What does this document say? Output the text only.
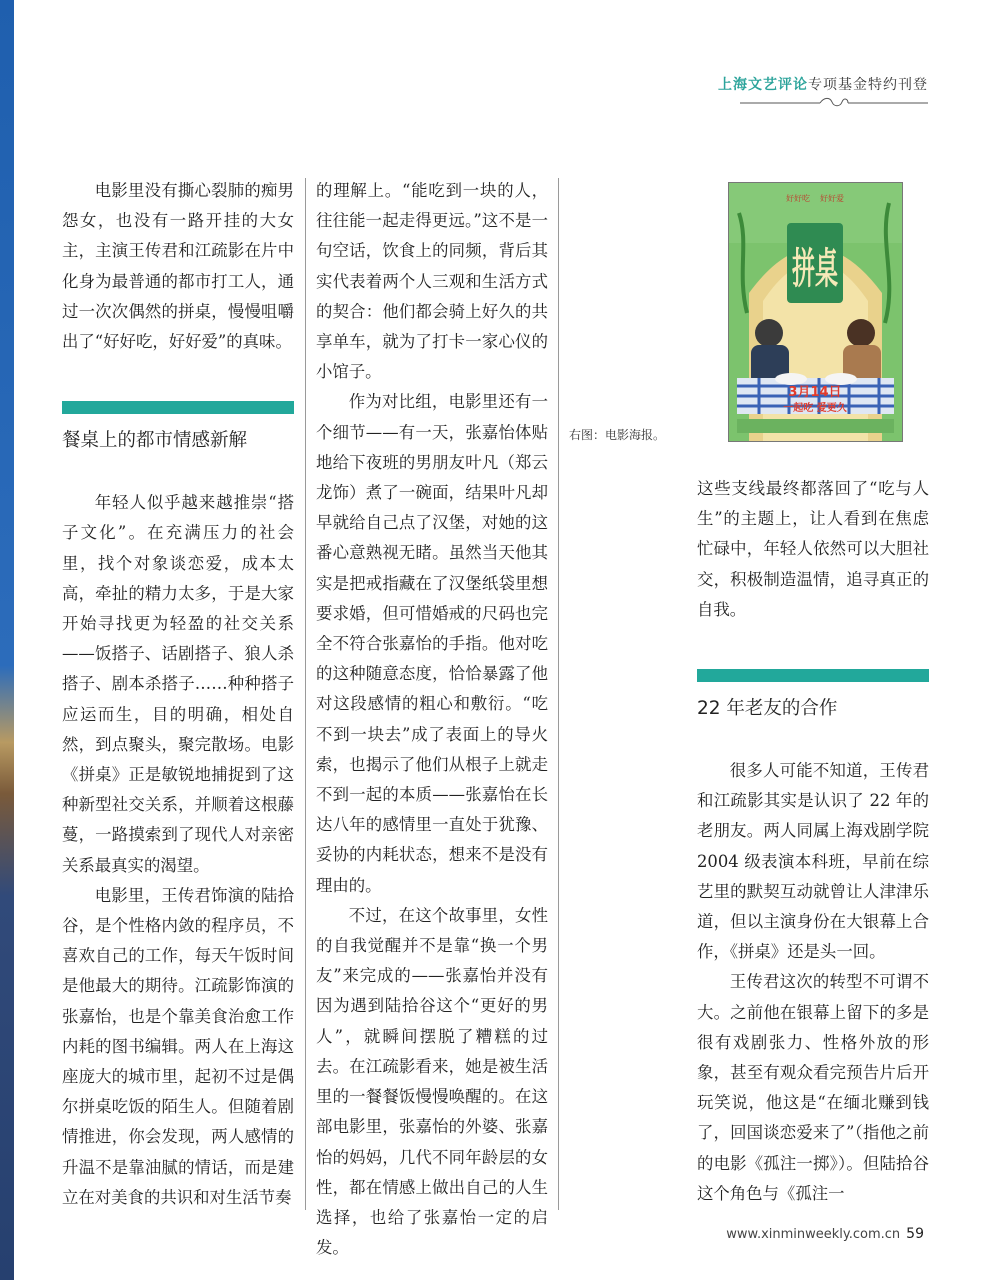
上海文艺评论专项基金特约刊登

电影里没有撕心裂肺的痴男怨女，也没有一路开挂的大女主，主演王传君和江疏影在片中化身为最普通的都市打工人，通过一次次偶然的拼桌，慢慢咀嚼出了“好好吃，好好爱”的真味。

餐桌上的都市情感新解

年轻人似乎越来越推崇“搭子文化”。在充满压力的社会里，找个对象谈恋爱，成本太高，牵扯的精力太多，于是大家开始寻找更为轻盈的社交关系——饭搭子、话剧搭子、狼人杀搭子、剧本杀搭子……种种搭子应运而生，目的明确，相处自然，到点聚头，聚完散场。电影《拼桌》正是敏锐地捕捉到了这种新型社交关系，并顺着这根藤蔓，一路摸索到了现代人对亲密关系最真实的渴望。

电影里，王传君饰演的陆拾谷，是个性格内敛的程序员，不喜欢自己的工作，每天午饭时间是他最大的期待。江疏影饰演的张嘉怡，也是个靠美食治愈工作内耗的图书编辑。两人在上海这座庞大的城市里，起初不过是偶尔拼桌吃饭的陌生人。但随着剧情推进，你会发现，两人感情的升温不是靠油腻的情话，而是建立在对美食的共识和对生活节奏

的理解上。“能吃到一块的人，往往能一起走得更远。”这不是一句空话，饮食上的同频，背后其实代表着两个人三观和生活方式的契合：他们都会骑上好久的共享单车，就为了打卡一家心仪的小馆子。

作为对比组，电影里还有一个细节——有一天，张嘉怡体贴地给下夜班的男朋友叶凡（郑云龙饰）煮了一碗面，结果叶凡却早就给自己点了汉堡，对她的这番心意熟视无睹。虽然当天他其实是把戒指藏在了汉堡纸袋里想要求婚，但可惜婚戒的尺码也完全不符合张嘉怡的手指。他对吃的这种随意态度，恰恰暴露了他对这段感情的粗心和敷衍。“吃不到一块去”成了表面上的导火索，也揭示了他们从根子上就走不到一起的本质——张嘉怡在长达八年的感情里一直处于犹豫、妥协的内耗状态，想来不是没有理由的。

不过，在这个故事里，女性的自我觉醒并不是靠“换一个男友”来完成的——张嘉怡并没有因为遇到陆拾谷这个“更好的男人”，就瞬间摆脱了糟糕的过去。在江疏影看来，她是被生活里的一餐餐饭慢慢唤醒的。在这部电影里，张嘉怡的外婆、张嘉怡的妈妈，几代不同年龄层的女性，都在情感上做出自己的人生选择，也给了张嘉怡一定的启发。

好好吃 好好爱
拼桌
3月14日
一起吃 爱更久
右图：电影海报。

这些支线最终都落回了“吃与人生”的主题上，让人看到在焦虑忙碌中，年轻人依然可以大胆社交，积极制造温情，追寻真正的自我。

22 年老友的合作

很多人可能不知道，王传君和江疏影其实是认识了 22 年的老朋友。两人同属上海戏剧学院 2004 级表演本科班，早前在综艺里的默契互动就曾让人津津乐道，但以主演身份在大银幕上合作，《拼桌》还是头一回。

王传君这次的转型不可谓不大。之前他在银幕上留下的多是很有戏剧张力、性格外放的形象，甚至有观众看完预告片后开玩笑说，他这是“在缅北赚到钱了，回国谈恋爱来了”（指他之前的电影《孤注一掷》）。但陆拾谷这个角色与《孤注一

www.xinminweekly.com.cn 59
